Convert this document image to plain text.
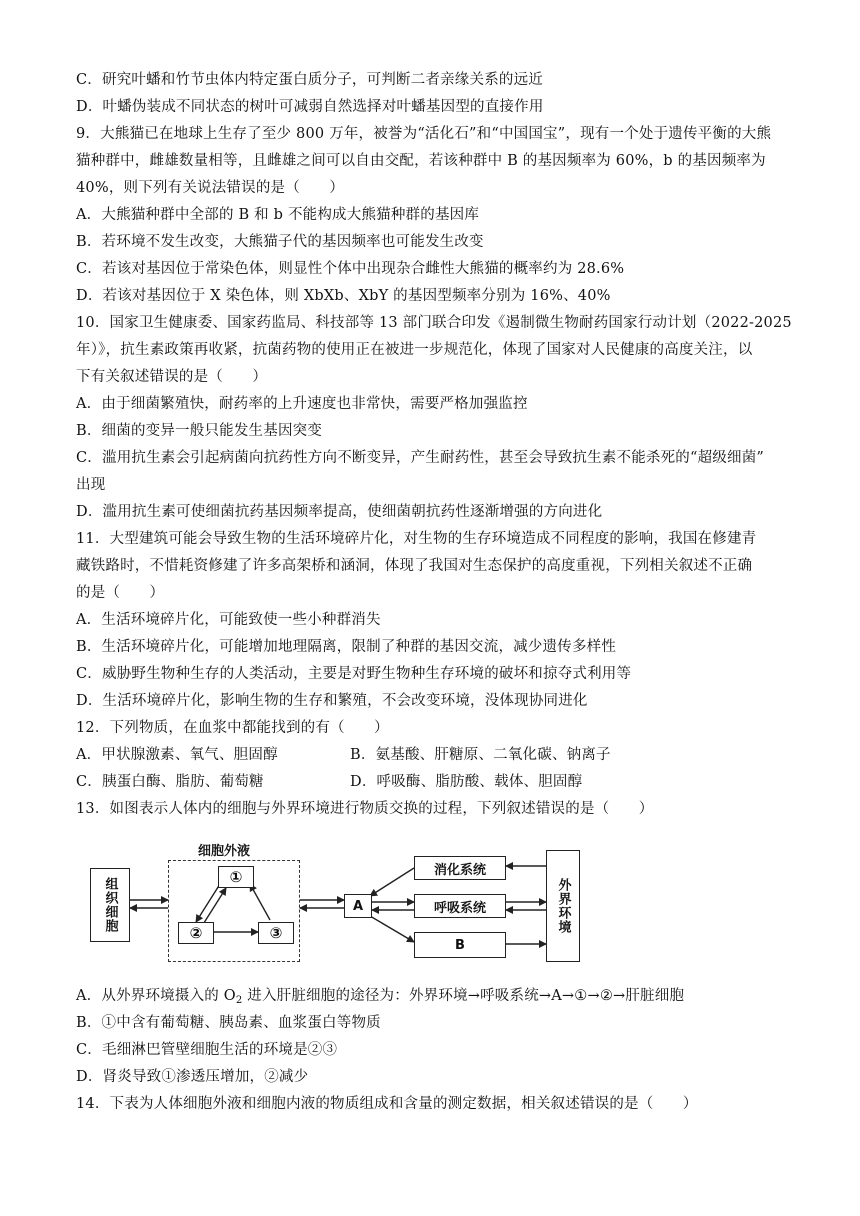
C．研究叶蟠和竹节虫体内特定蛋白质分子，可判断二者亲缘关系的远近
D．叶蟠伪装成不同状态的树叶可减弱自然选择对叶蟠基因型的直接作用
9．大熊猫已在地球上生存了至少 800 万年，被誉为“活化石”和“中国国宝”，现有一个处于遗传平衡的大熊
猫种群中，雌雄数量相等，且雌雄之间可以自由交配，若该种群中 B 的基因频率为 60%，b 的基因频率为
40%，则下列有关说法错误的是（　　）
A．大熊猫种群中全部的 B 和 b 不能构成大熊猫种群的基因库
B．若环境不发生改变，大熊猫子代的基因频率也可能发生改变
C．若该对基因位于常染色体，则显性个体中出现杂合雌性大熊猫的概率约为 28.6%
D．若该对基因位于 X 染色体，则 XbXb、XbY 的基因型频率分别为 16%、40%
10．国家卫生健康委、国家药监局、科技部等 13 部门联合印发《遏制微生物耐药国家行动计划（2022-2025
年）》，抗生素政策再收紧，抗菌药物的使用正在被进一步规范化，体现了国家对人民健康的高度关注，以
下有关叙述错误的是（　　）
A．由于细菌繁殖快，耐药率的上升速度也非常快，需要严格加强监控
B．细菌的变异一般只能发生基因突变
C．滥用抗生素会引起病菌向抗药性方向不断变异，产生耐药性，甚至会导致抗生素不能杀死的“超级细菌”
出现
D．滥用抗生素可使细菌抗药基因频率提高，使细菌朝抗药性逐渐增强的方向进化
11．大型建筑可能会导致生物的生活环境碎片化，对生物的生存环境造成不同程度的影响，我国在修建青
藏铁路时，不惜耗资修建了许多高架桥和涵洞，体现了我国对生态保护的高度重视，下列相关叙述不正确
的是（　　）
A．生活环境碎片化，可能致使一些小种群消失
B．生活环境碎片化，可能增加地理隔离，限制了种群的基因交流，减少遗传多样性
C．威胁野生物种生存的人类活动，主要是对野生物种生存环境的破坏和掠夺式利用等
D．生活环境碎片化，影响生物的生存和繁殖，不会改变环境，没体现协同进化
12．下列物质，在血浆中都能找到的有（　　）
A．甲状腺激素、氧气、胆固醇	B．氨基酸、肝糖原、二氧化碳、钠离子
C．胰蛋白酶、脂肪、葡萄糖	D．呼吸酶、脂肪酸、载体、胆固醇
13．如图表示人体内的细胞与外界环境进行物质交换的过程，下列叙述错误的是（　　）
组织细胞
细胞外液
①
②	③
A
消化系统
呼吸系统
B
外界环境
A．从外界环境摄入的 $O_2$ 进入肝脏细胞的途径为：外界环境→呼吸系统→A→①→②→肝脏细胞
B．①中含有葡萄糖、胰岛素、血浆蛋白等物质
C．毛细淋巴管壁细胞生活的环境是②③
D．肾炎导致①渗透压增加，②减少
14．下表为人体细胞外液和细胞内液的物质组成和含量的测定数据，相关叙述错误的是（　　）
